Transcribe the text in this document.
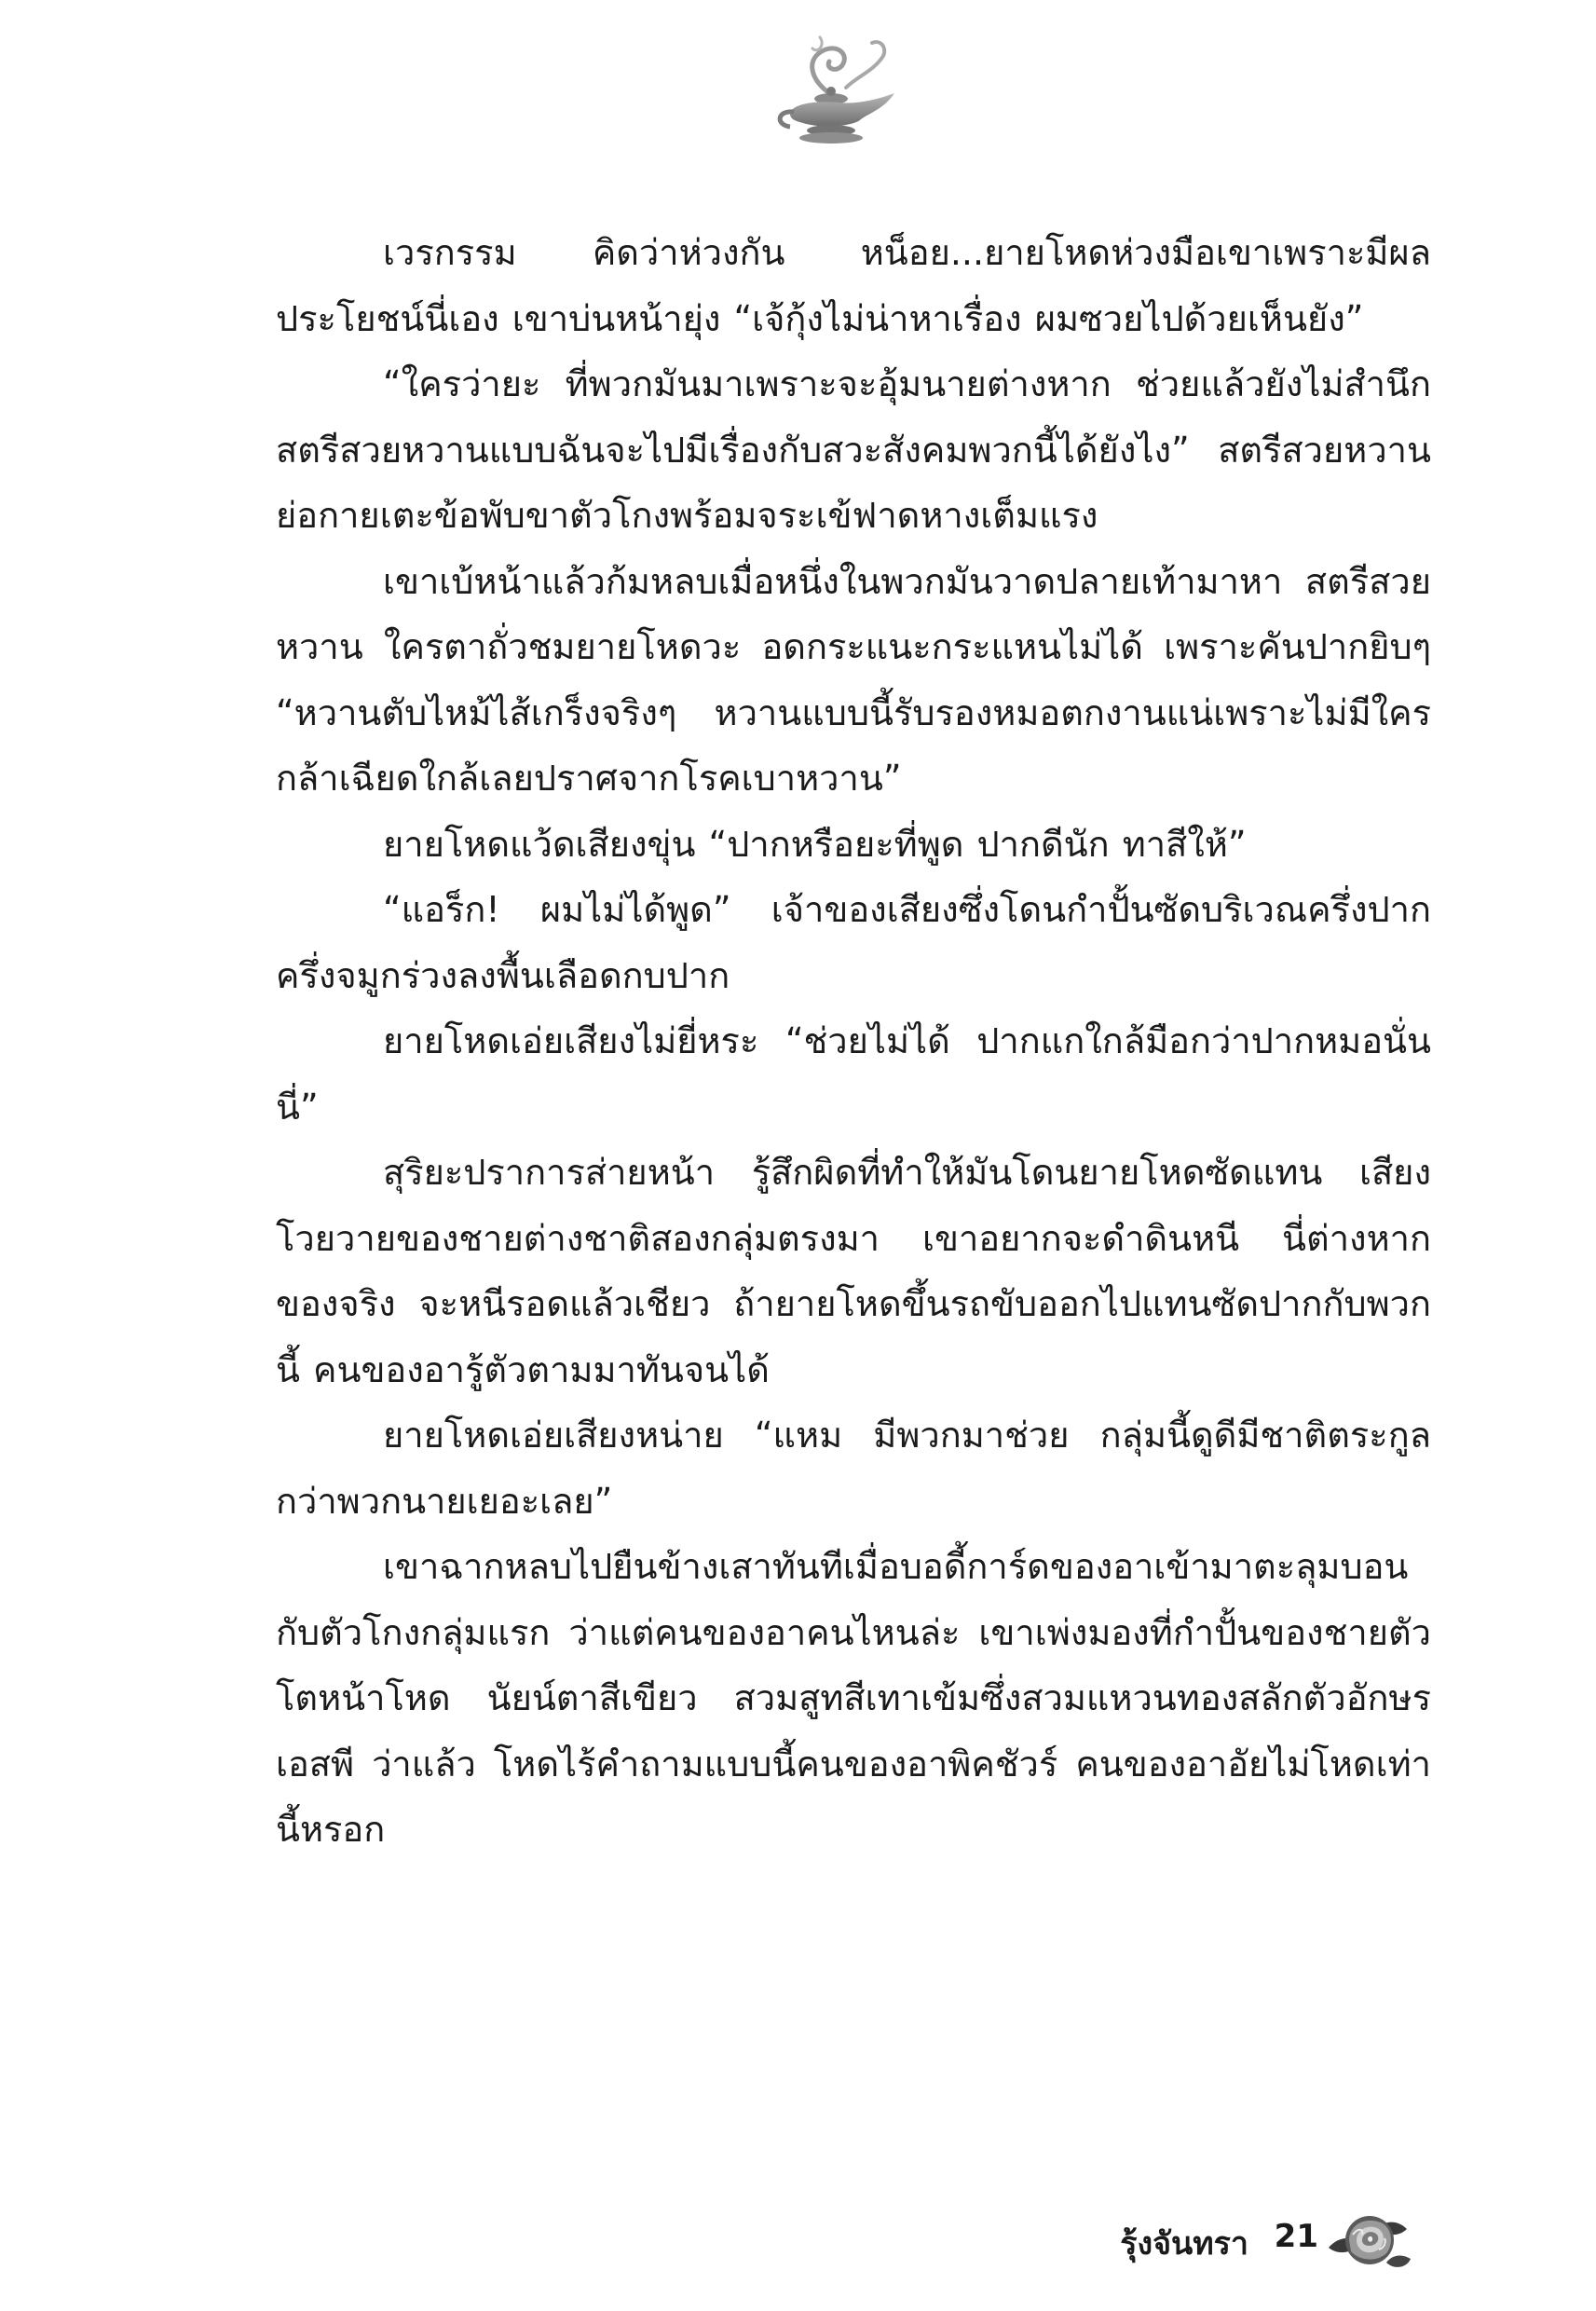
เวรกรรม คิดว่าห่วงกัน หน็อย...ยายโหดห่วงมือเขาเพราะมีผลประโยชน์นี่เอง เขาบ่นหน้ายุ่ง “เจ้กุ้งไม่น่าหาเรื่อง ผมซวยไปด้วยเห็นยัง”

“ใครว่ายะ ที่พวกมันมาเพราะจะอุ้มนายต่างหาก ช่วยแล้วยังไม่สำนึก สตรีสวยหวานแบบฉันจะไปมีเรื่องกับสวะสังคมพวกนี้ได้ยังไง” สตรีสวยหวานย่อกายเตะข้อพับขาตัวโกงพร้อมจระเข้ฟาดหางเต็มแรง

เขาเบ้หน้าแล้วก้มหลบเมื่อหนึ่งในพวกมันวาดปลายเท้ามาหา สตรีสวยหวาน ใครตาถั่วชมยายโหดวะ อดกระแนะกระแหนไม่ได้ เพราะคันปากยิบๆ “หวานตับไหม้ไส้เกร็งจริงๆ หวานแบบนี้รับรองหมอตกงานแน่เพราะไม่มีใครกล้าเฉียดใกล้เลยปราศจากโรคเบาหวาน”

ยายโหดแว้ดเสียงขุ่น “ปากหรือยะที่พูด ปากดีนัก ทาสีให้”

“แอร็ก! ผมไม่ได้พูด” เจ้าของเสียงซึ่งโดนกำปั้นซัดบริเวณครึ่งปากครึ่งจมูกร่วงลงพื้นเลือดกบปาก

ยายโหดเอ่ยเสียงไม่ยี่หระ “ช่วยไม่ได้ ปากแกใกล้มือกว่าปากหมอนั่นนี่”

สุริยะปราการส่ายหน้า รู้สึกผิดที่ทำให้มันโดนยายโหดซัดแทน เสียงโวยวายของชายต่างชาติสองกลุ่มตรงมา เขาอยากจะดำดินหนี นี่ต่างหากของจริง จะหนีรอดแล้วเชียว ถ้ายายโหดขึ้นรถขับออกไปแทนซัดปากกับพวกนี้ คนของอารู้ตัวตามมาทันจนได้

ยายโหดเอ่ยเสียงหน่าย “แหม มีพวกมาช่วย กลุ่มนี้ดูดีมีชาติตระกูลกว่าพวกนายเยอะเลย”

เขาฉากหลบไปยืนข้างเสาทันทีเมื่อบอดี้การ์ดของอาเข้ามาตะลุมบอนกับตัวโกงกลุ่มแรก ว่าแต่คนของอาคนไหนล่ะ เขาเพ่งมองที่กำปั้นของชายตัวโตหน้าโหด นัยน์ตาสีเขียว สวมสูทสีเทาเข้มซึ่งสวมแหวนทองสลักตัวอักษร เอสพี ว่าแล้ว โหดไร้คำถามแบบนี้คนของอาพิคชัวร์ คนของอาอัยไม่โหดเท่านี้หรอก

รุ้งจันทรา 21
